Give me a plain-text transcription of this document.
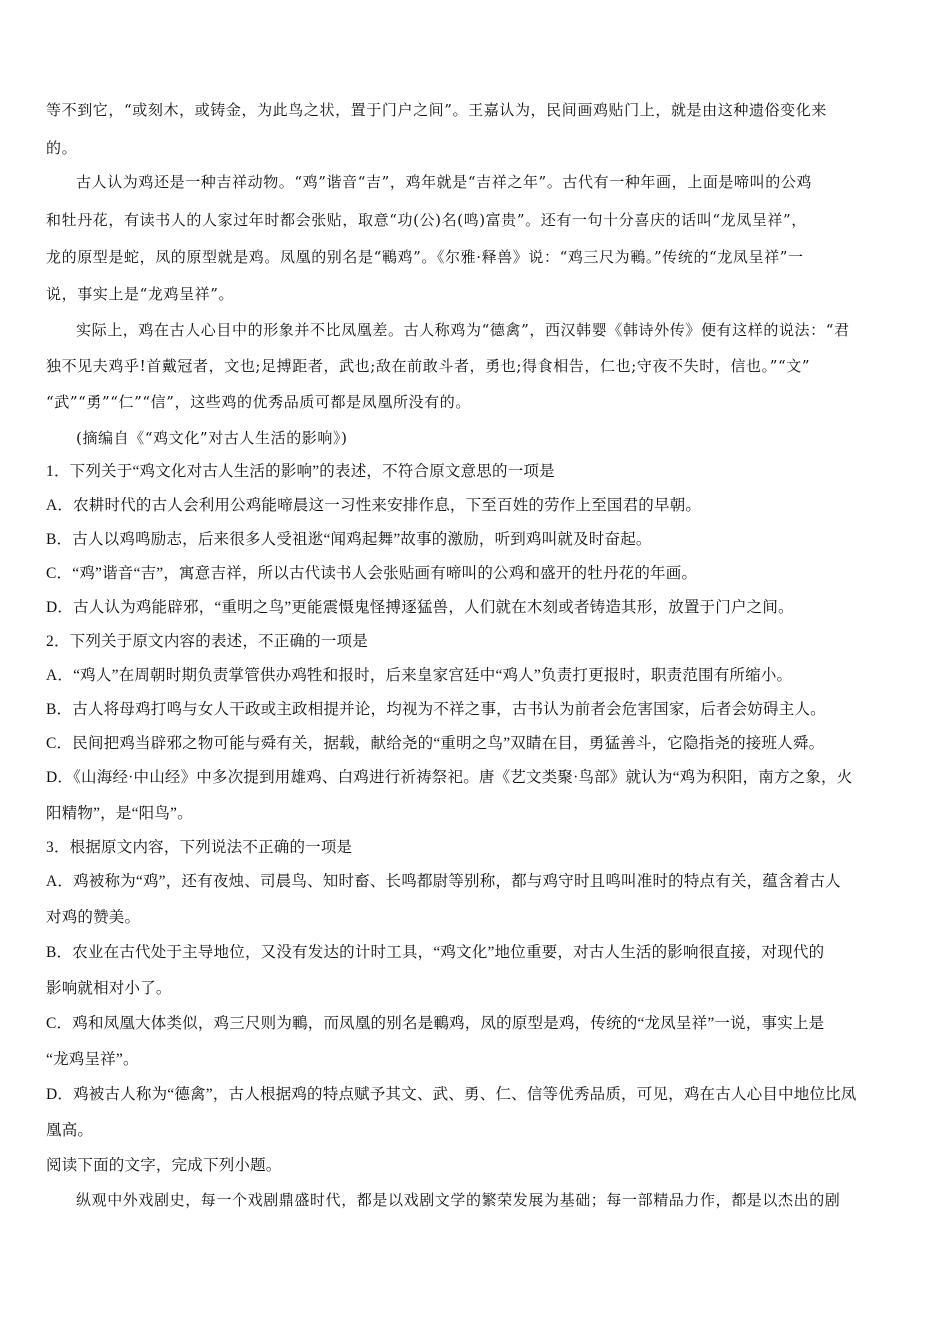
等不到它，“或刻木，或铸金，为此鸟之状，置于门户之间”。王嘉认为，民间画鸡贴门上，就是由这种遗俗变化来
的。
古人认为鸡还是一种吉祥动物。“鸡”谐音“吉”，鸡年就是“吉祥之年”。古代有一种年画，上面是啼叫的公鸡
和牡丹花，有读书人的人家过年时都会张贴，取意“功(公)名(鸣)富贵”。还有一句十分喜庆的话叫“龙凤呈祥”，
龙的原型是蛇，凤的原型就是鸡。凤凰的别名是“鶤鸡”。《尔雅·释兽》说：“鸡三尺为鶤。”传统的“龙凤呈祥”一
说，事实上是“龙鸡呈祥”。
实际上，鸡在古人心目中的形象并不比凤凰差。古人称鸡为“德禽”，西汉韩婴《韩诗外传》便有这样的说法：“君
独不见夫鸡乎!首戴冠者，文也;足搏距者，武也;敌在前敢斗者，勇也;得食相告，仁也;守夜不失时，信也。”“文”
“武”“勇”“仁”“信”，这些鸡的优秀品质可都是凤凰所没有的。
(摘编自《“鸡文化”对古人生活的影响》)
1．下列关于“鸡文化对古人生活的影响”的表述，不符合原文意思的一项是
A．农耕时代的古人会利用公鸡能啼晨这一习性来安排作息，下至百姓的劳作上至国君的早朝。
B．古人以鸡鸣励志，后来很多人受祖逖“闻鸡起舞”故事的激励，听到鸡叫就及时奋起。
C．“鸡”谐音“吉”，寓意吉祥，所以古代读书人会张贴画有啼叫的公鸡和盛开的牡丹花的年画。
D．古人认为鸡能辟邪，“重明之鸟”更能震慑鬼怪搏逐猛兽，人们就在木刻或者铸造其形，放置于门户之间。
2．下列关于原文内容的表述，不正确的一项是
A．“鸡人”在周朝时期负责掌管供办鸡牲和报时，后来皇家宫廷中“鸡人”负责打更报时，职责范围有所缩小。
B．古人将母鸡打鸣与女人干政或主政相提并论，均视为不祥之事，古书认为前者会危害国家，后者会妨碍主人。
C．民间把鸡当辟邪之物可能与舜有关，据载，献给尧的“重明之鸟”双睛在目，勇猛善斗，它隐指尧的接班人舜。
D．《山海经·中山经》中多次提到用雄鸡、白鸡进行祈祷祭祀。唐《艺文类聚·鸟部》就认为“鸡为积阳，南方之象，火
阳精物”，是“阳鸟”。
3．根据原文内容，下列说法不正确的一项是
A．鸡被称为“鸡”，还有夜烛、司晨鸟、知时畜、长鸣都尉等别称，都与鸡守时且鸣叫准时的特点有关，蕴含着古人
对鸡的赞美。
B．农业在古代处于主导地位，又没有发达的计时工具，“鸡文化”地位重要，对古人生活的影响很直接，对现代的
影响就相对小了。
C．鸡和凤凰大体类似，鸡三尺则为鶤，而凤凰的别名是鶤鸡，凤的原型是鸡，传统的“龙凤呈祥”一说，事实上是
“龙鸡呈祥”。
D．鸡被古人称为“德禽”，古人根据鸡的特点赋予其文、武、勇、仁、信等优秀品质，可见，鸡在古人心目中地位比凤
凰高。
阅读下面的文字，完成下列小题。
纵观中外戏剧史，每一个戏剧鼎盛时代，都是以戏剧文学的繁荣发展为基础；每一部精品力作，都是以杰出的剧
